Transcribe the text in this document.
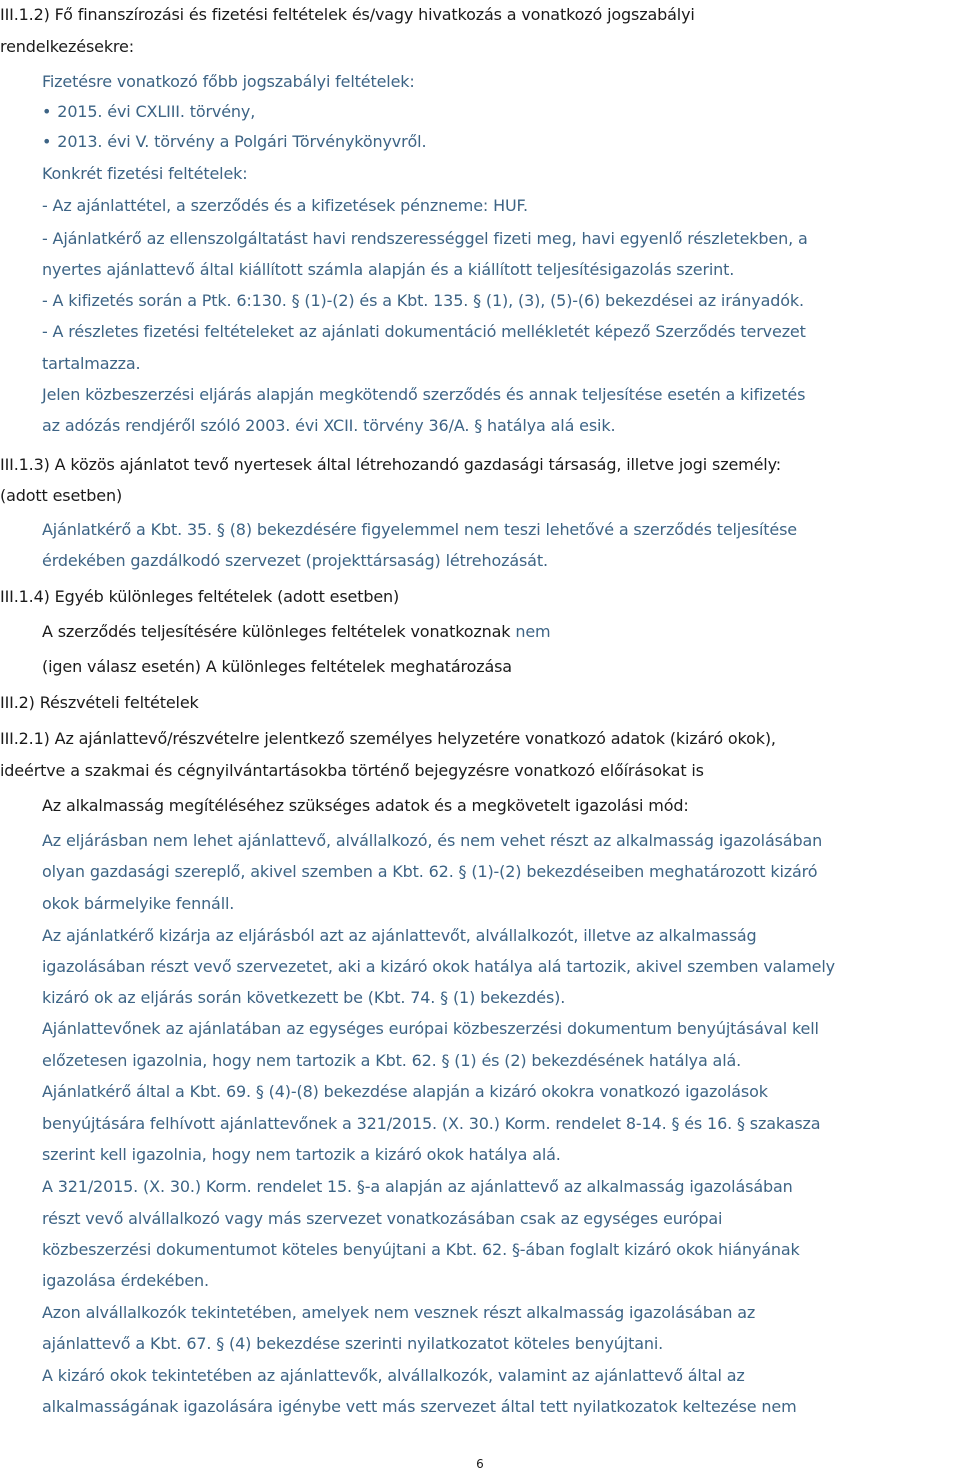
III.1.2) Fő finanszírozási és fizetési feltételek és/vagy hivatkozás a vonatkozó jogszabályi
rendelkezésekre:
Fizetésre vonatkozó főbb jogszabályi feltételek:
• 2015. évi CXLIII. törvény,
• 2013. évi V. törvény a Polgári Törvénykönyvről.
Konkrét fizetési feltételek:
- Az ajánlattétel, a szerződés és a kifizetések pénzneme: HUF.
- Ajánlatkérő az ellenszolgáltatást havi rendszerességgel fizeti meg, havi egyenlő részletekben, a
nyertes ajánlattevő által kiállított számla alapján és a kiállított teljesítésigazolás szerint.
- A kifizetés során a Ptk. 6:130. § (1)-(2) és a Kbt. 135. § (1), (3), (5)-(6) bekezdései az irányadók.
- A részletes fizetési feltételeket az ajánlati dokumentáció mellékletét képező Szerződés tervezet
tartalmazza.
Jelen közbeszerzési eljárás alapján megkötendő szerződés és annak teljesítése esetén a kifizetés
az adózás rendjéről szóló 2003. évi XCII. törvény 36/A. § hatálya alá esik.
III.1.3) A közös ajánlatot tevő nyertesek által létrehozandó gazdasági társaság, illetve jogi személy:
(adott esetben)
Ajánlatkérő a Kbt. 35. § (8) bekezdésére figyelemmel nem teszi lehetővé a szerződés teljesítése
érdekében gazdálkodó szervezet (projekttársaság) létrehozását.
III.1.4) Egyéb különleges feltételek (adott esetben)
A szerződés teljesítésére különleges feltételek vonatkoznak nem
(igen válasz esetén) A különleges feltételek meghatározása
III.2) Részvételi feltételek
III.2.1) Az ajánlattevő/részvételre jelentkező személyes helyzetére vonatkozó adatok (kizáró okok),
ideértve a szakmai és cégnyilvántartásokba történő bejegyzésre vonatkozó előírásokat is
Az alkalmasság megítéléséhez szükséges adatok és a megkövetelt igazolási mód:
Az eljárásban nem lehet ajánlattevő, alvállalkozó, és nem vehet részt az alkalmasság igazolásában
olyan gazdasági szereplő, akivel szemben a Kbt. 62. § (1)-(2) bekezdéseiben meghatározott kizáró
okok bármelyike fennáll.
Az ajánlatkérő kizárja az eljárásból azt az ajánlattevőt, alvállalkozót, illetve az alkalmasság
igazolásában részt vevő szervezetet, aki a kizáró okok hatálya alá tartozik, akivel szemben valamely
kizáró ok az eljárás során következett be (Kbt. 74. § (1) bekezdés).
Ajánlattevőnek az ajánlatában az egységes európai közbeszerzési dokumentum benyújtásával kell
előzetesen igazolnia, hogy nem tartozik a Kbt. 62. § (1) és (2) bekezdésének hatálya alá.
Ajánlatkérő által a Kbt. 69. § (4)-(8) bekezdése alapján a kizáró okokra vonatkozó igazolások
benyújtására felhívott ajánlattevőnek a 321/2015. (X. 30.) Korm. rendelet 8-14. § és 16. § szakasza
szerint kell igazolnia, hogy nem tartozik a kizáró okok hatálya alá.
A 321/2015. (X. 30.) Korm. rendelet 15. §-a alapján az ajánlattevő az alkalmasság igazolásában
részt vevő alvállalkozó vagy más szervezet vonatkozásában csak az egységes európai
közbeszerzési dokumentumot köteles benyújtani a Kbt. 62. §-ában foglalt kizáró okok hiányának
igazolása érdekében.
Azon alvállalkozók tekintetében, amelyek nem vesznek részt alkalmasság igazolásában az
ajánlattevő a Kbt. 67. § (4) bekezdése szerinti nyilatkozatot köteles benyújtani.
A kizáró okok tekintetében az ajánlattevők, alvállalkozók, valamint az ajánlattevő által az
alkalmasságának igazolására igénybe vett más szervezet által tett nyilatkozatok keltezése nem
6
